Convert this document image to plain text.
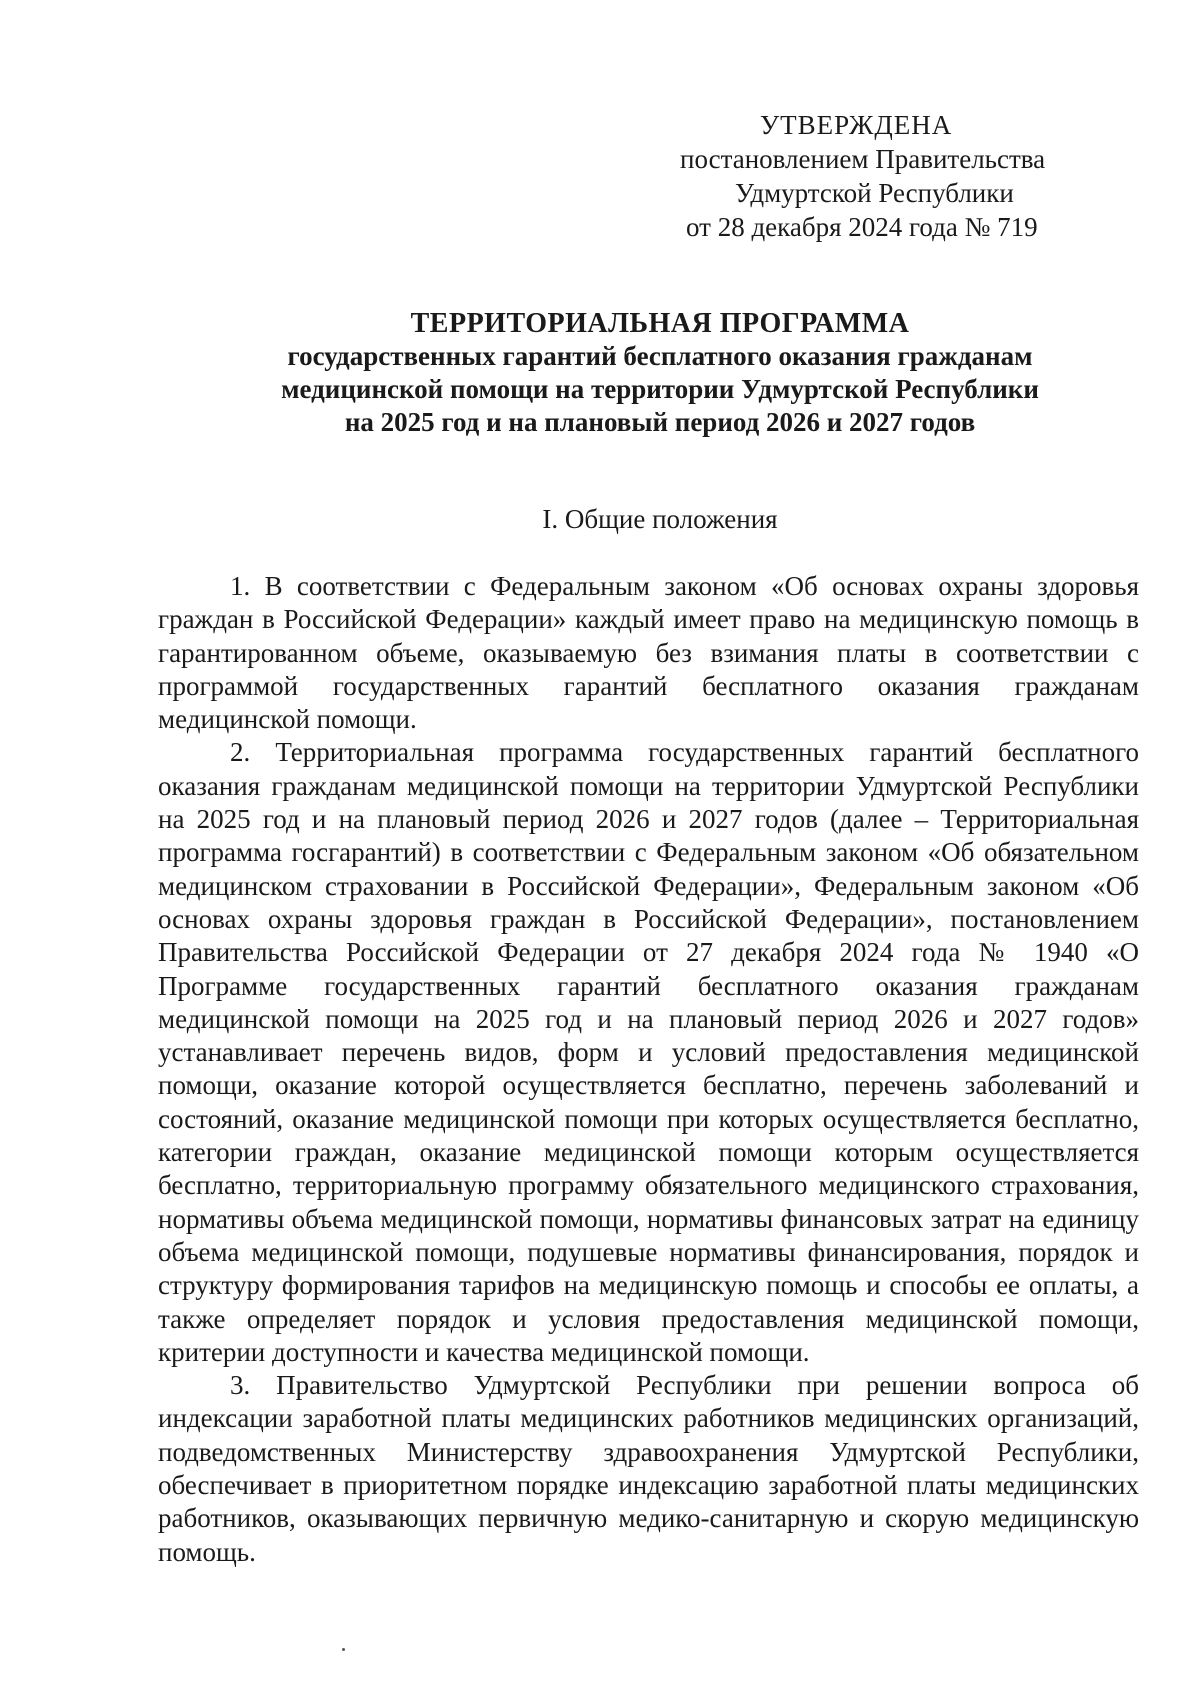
УТВЕРЖДЕНА
постановлением Правительства
Удмуртской Республики
от 28 декабря 2024 года № 719
ТЕРРИТОРИАЛЬНАЯ ПРОГРАММА
государственных гарантий бесплатного оказания гражданам
медицинской помощи на территории Удмуртской Республики
на 2025 год и на плановый период 2026 и 2027 годов
I. Общие положения

1. В соответствии с Федеральным законом «Об основах охраны здоровья граждан в Российской Федерации» каждый имеет право на медицинскую помощь в гарантированном объеме, оказываемую без взимания платы в соответствии с программой государственных гарантий бесплатного оказания гражданам медицинской помощи.

2. Территориальная программа государственных гарантий бесплатного оказания гражданам медицинской помощи на территории Удмуртской Республики на 2025 год и на плановый период 2026 и 2027 годов (далее – Территориальная программа госгарантий) в соответствии с Федеральным законом «Об обязательном медицинском страховании в Российской Федерации», Федеральным законом «Об основах охраны здоровья граждан в Российской Федерации», постановлением Правительства Российской Федерации от 27 декабря 2024 года № 1940 «О Программе государственных гарантий бесплатного оказания гражданам медицинской помощи на 2025 год и на плановый период 2026 и 2027 годов» устанавливает перечень видов, форм и условий предоставления медицинской помощи, оказание которой осуществляется бесплатно, перечень заболеваний и состояний, оказание медицинской помощи при которых осуществляется бесплатно, категории граждан, оказание медицинской помощи которым осуществляется бесплатно, территориальную программу обязательного медицинского страхования, нормативы объема медицинской помощи, нормативы финансовых затрат на единицу объема медицинской помощи, подушевые нормативы финансирования, порядок и структуру формирования тарифов на медицинскую помощь и способы ее оплаты, а также определяет порядок и условия предоставления медицинской помощи, критерии доступности и качества медицинской помощи.

3. Правительство Удмуртской Республики при решении вопроса об индексации заработной платы медицинских работников медицинских организаций, подведомственных Министерству здравоохранения Удмуртской Республики, обеспечивает в приоритетном порядке индексацию заработной платы медицинских работников, оказывающих первичную медико-санитарную и скорую медицинскую помощь.
